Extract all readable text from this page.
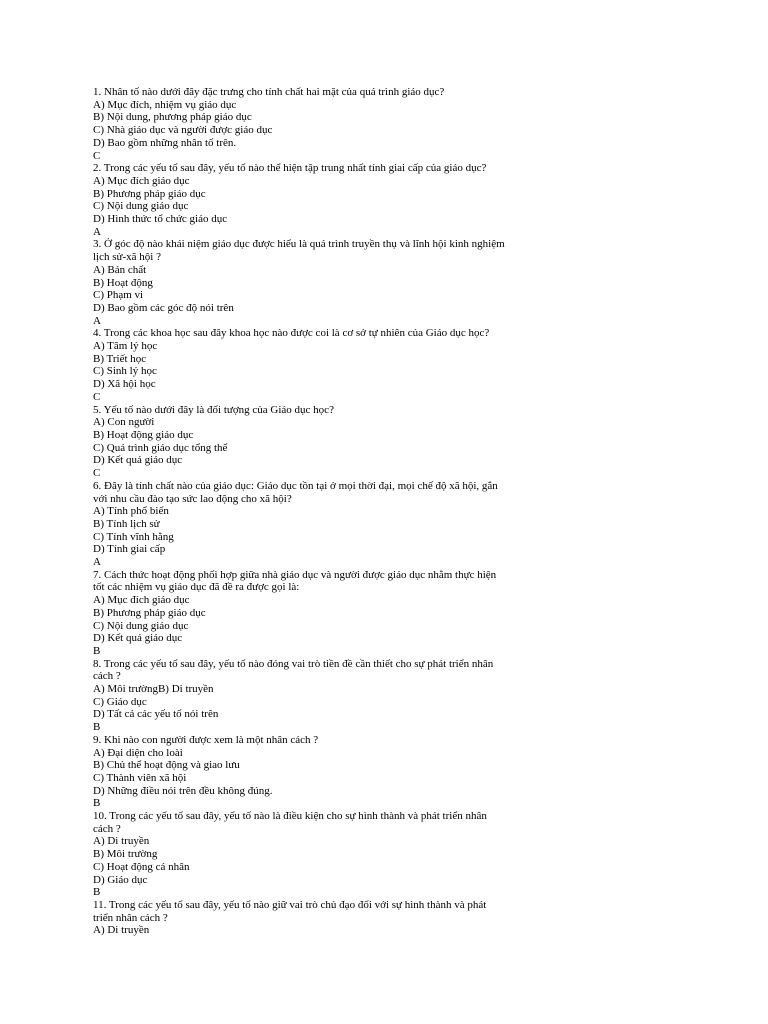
1. Nhân tố nào dưới đây đặc trưng cho tính chất hai mặt của quá trình giáo dục?
A) Mục đích, nhiệm vụ giáo dục
B) Nội dung, phương pháp giáo dục
C) Nhà giáo dục và người được giáo dục
D) Bao gồm những nhân tố trên.
C
2. Trong các yếu tố sau đây, yếu tố nào thể hiện tập trung nhất tính giai cấp của giáo dục?
A) Mục đích giáo dục
B) Phương pháp giáo dục
C) Nội dung giáo dục
D) Hình thức tổ chức giáo dục
A
3. Ở góc độ nào khái niệm giáo dục được hiểu là quá trình truyền thụ và lĩnh hội kinh nghiệm
lịch sử-xã hội ?
A) Bản chất
B) Hoạt động
C) Phạm vi
D) Bao gồm các góc độ nói trên
A
4. Trong các khoa học sau đây khoa học nào được coi là cơ sở tự nhiên của Giáo dục học?
A) Tâm lý học
B) Triết học
C) Sinh lý học
D) Xã hội học
C
5. Yếu tố nào dưới đây là đối tượng của Giáo dục học?
A) Con người
B) Hoạt động giáo dục
C) Quá trình giáo dục tổng thể
D) Kết quả giáo dục
C
6. Đây là tính chất nào của giáo dục: Giáo dục tồn tại ở mọi thời đại, mọi chế độ xã hội, gắn
với nhu cầu đào tạo sức lao động cho xã hội?
A) Tính phổ biến
B) Tính lịch sử
C) Tính vĩnh hằng
D) Tính giai cấp
A
7. Cách thức hoạt động phối hợp giữa nhà giáo dục và người được giáo dục nhằm thực hiện
tốt các nhiệm vụ giáo dục đã đề ra được gọi là:
A) Mục đích giáo dục
B) Phương pháp giáo dục
C) Nội dung giáo dục
D) Kết quả giáo dục
B
8. Trong các yếu tố sau đây, yếu tố nào đóng vai trò tiền đề cần thiết cho sự phát triển nhân
cách ?
A) Môi trườngB) Di truyền
C) Giáo dục
D) Tất cả các yếu tố nói trên
B
9. Khi nào con người được xem là một nhân cách ?
A) Đại diện cho loài
B) Chủ thể hoạt động và giao lưu
C) Thành viên xã hội
D) Những điều nói trên đều không đúng.
B
10. Trong các yếu tố sau đây, yếu tố nào là điều kiện cho sự hình thành và phát triển nhân
cách ?
A) Di truyền
B) Môi trường
C) Hoạt động cá nhân
D) Giáo dục
B
11. Trong các yếu tố sau đây, yếu tố nào giữ vai trò chủ đạo đối với sự hình thành và phát
triển nhân cách ?
A) Di truyền
